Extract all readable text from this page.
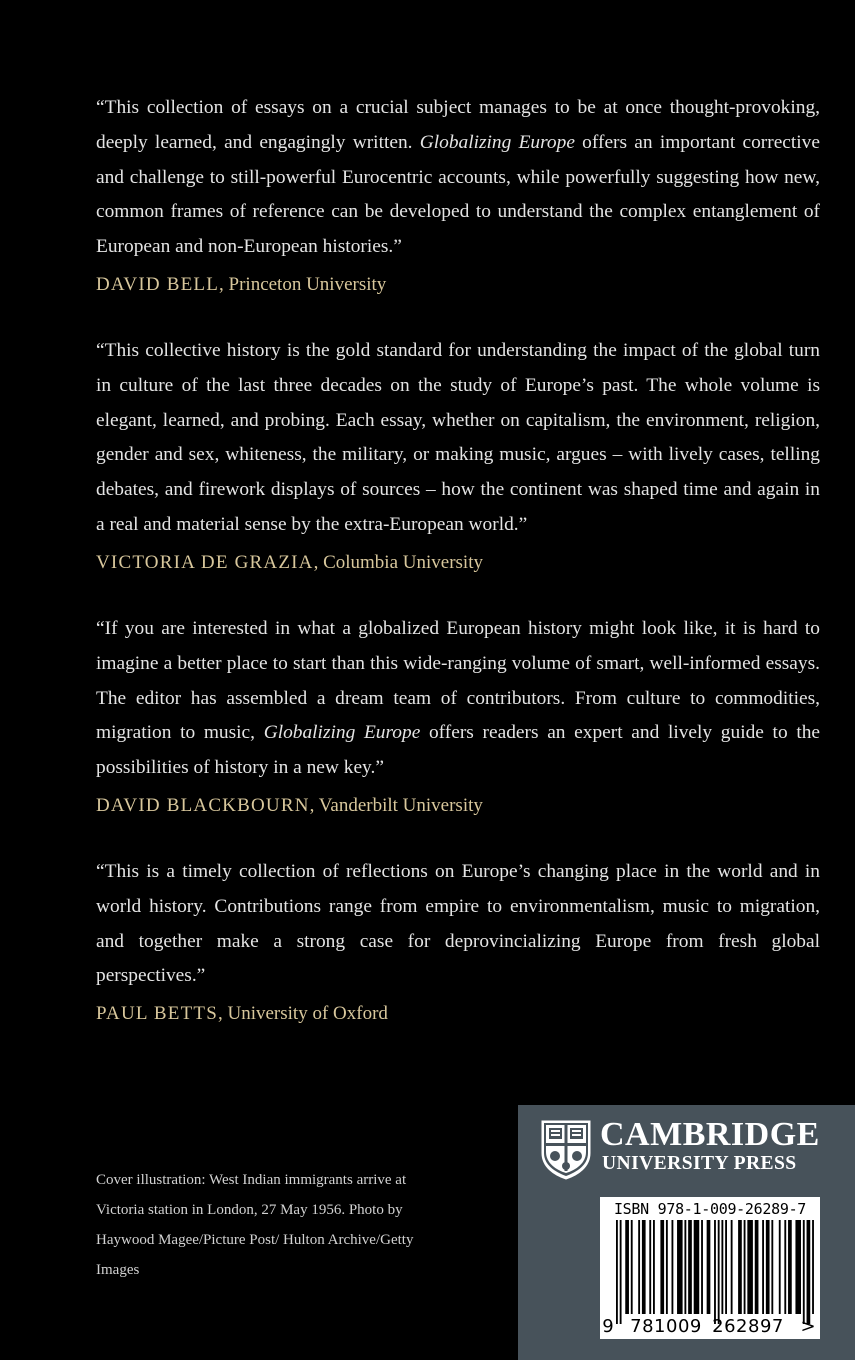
“This collection of essays on a crucial subject manages to be at once thought-provoking, deeply learned, and engagingly written. Globalizing Europe offers an important corrective and challenge to still-powerful Eurocentric accounts, while powerfully suggesting how new, common frames of reference can be developed to understand the complex entanglement of European and non-European histories.”

DAVID BELL, Princeton University

“This collective history is the gold standard for understanding the impact of the global turn in culture of the last three decades on the study of Europe’s past. The whole volume is elegant, learned, and probing. Each essay, whether on capitalism, the environment, religion, gender and sex, whiteness, the military, or making music, argues – with lively cases, telling debates, and firework displays of sources – how the continent was shaped time and again in a real and material sense by the extra-European world.”

VICTORIA DE GRAZIA, Columbia University

“If you are interested in what a globalized European history might look like, it is hard to imagine a better place to start than this wide-ranging volume of smart, well-informed essays. The editor has assembled a dream team of contributors. From culture to commodities, migration to music, Globalizing Europe offers readers an expert and lively guide to the possibilities of history in a new key.”

DAVID BLACKBOURN, Vanderbilt University

“This is a timely collection of reflections on Europe’s changing place in the world and in world history. Contributions range from empire to environmentalism, music to migration, and together make a strong case for deprovincializing Europe from fresh global perspectives.”

PAUL BETTS, University of Oxford
Cover illustration: West Indian immigrants arrive at Victoria station in London, 27 May 1956. Photo by Haywood Magee/Picture Post/ Hulton Archive/Getty Images
CAMBRIDGE
UNIVERSITY PRESS
ISBN 978-1-009-26289-7
9 781009 262897 >
